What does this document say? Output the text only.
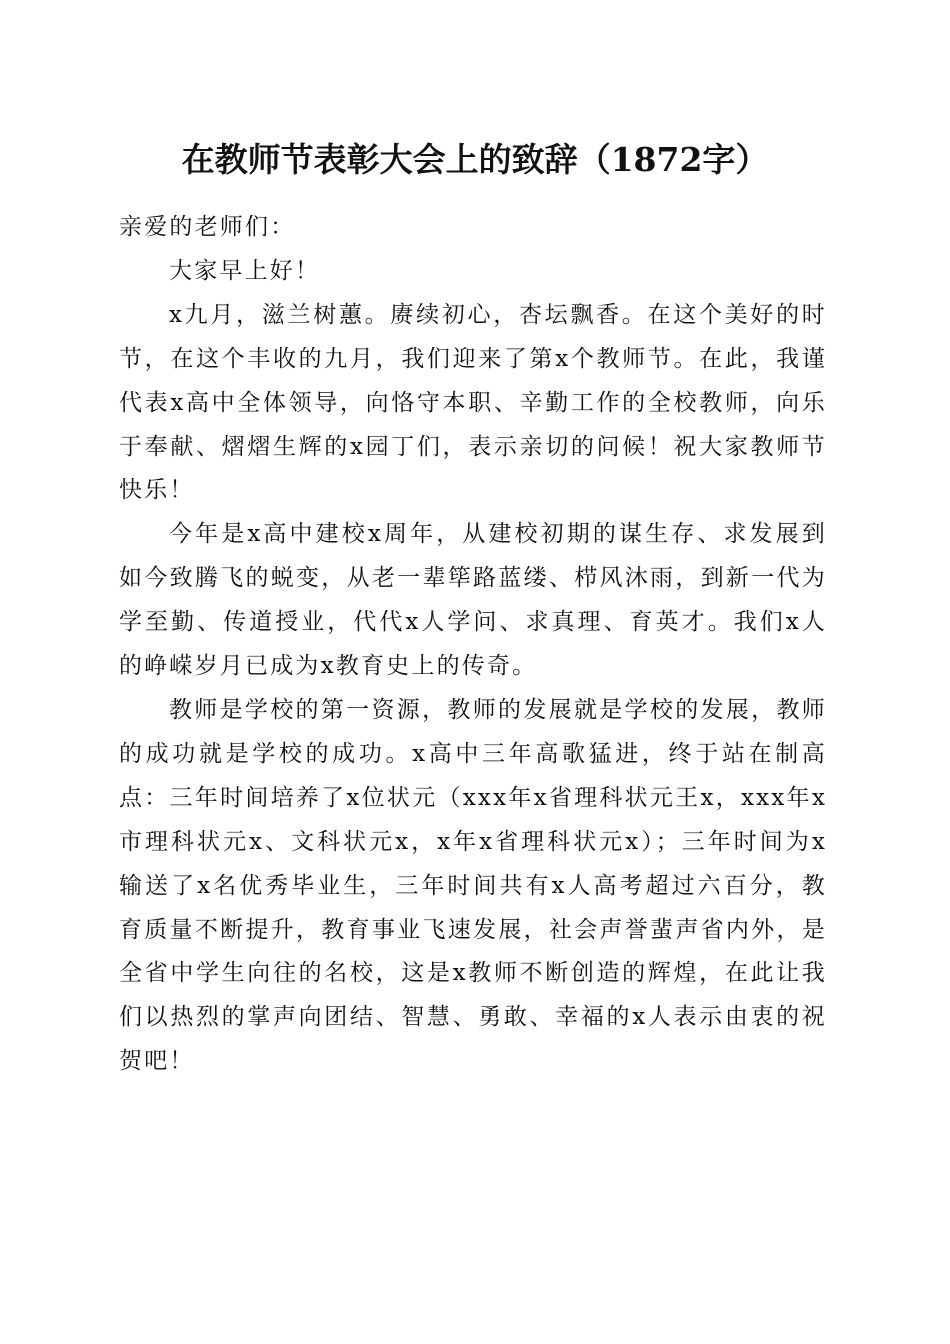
在教师节表彰大会上的致辞（1872字）

亲爱的老师们：

大家早上好！

x九月，滋兰树蕙。赓续初心，杏坛飘香。在这个美好的时节，在这个丰收的九月，我们迎来了第x个教师节。在此，我谨代表x高中全体领导，向恪守本职、辛勤工作的全校教师，向乐于奉献、熠熠生辉的x园丁们，表示亲切的问候！祝大家教师节快乐！

今年是x高中建校x周年，从建校初期的谋生存、求发展到如今致腾飞的蜕变，从老一辈筚路蓝缕、栉风沐雨，到新一代为学至勤、传道授业，代代x人学问、求真理、育英才。我们x人的峥嵘岁月已成为x教育史上的传奇。

教师是学校的第一资源，教师的发展就是学校的发展，教师的成功就是学校的成功。x高中三年高歌猛进，终于站在制高点：三年时间培养了x位状元（xxx年x省理科状元王x，xxx年x市理科状元x、文科状元x，x年x省理科状元x）；三年时间为x输送了x名优秀毕业生，三年时间共有x人高考超过六百分，教育质量不断提升，教育事业飞速发展，社会声誉蜚声省内外，是全省中学生向往的名校，这是x教师不断创造的辉煌，在此让我们以热烈的掌声向团结、智慧、勇敢、幸福的x人表示由衷的祝贺吧！
